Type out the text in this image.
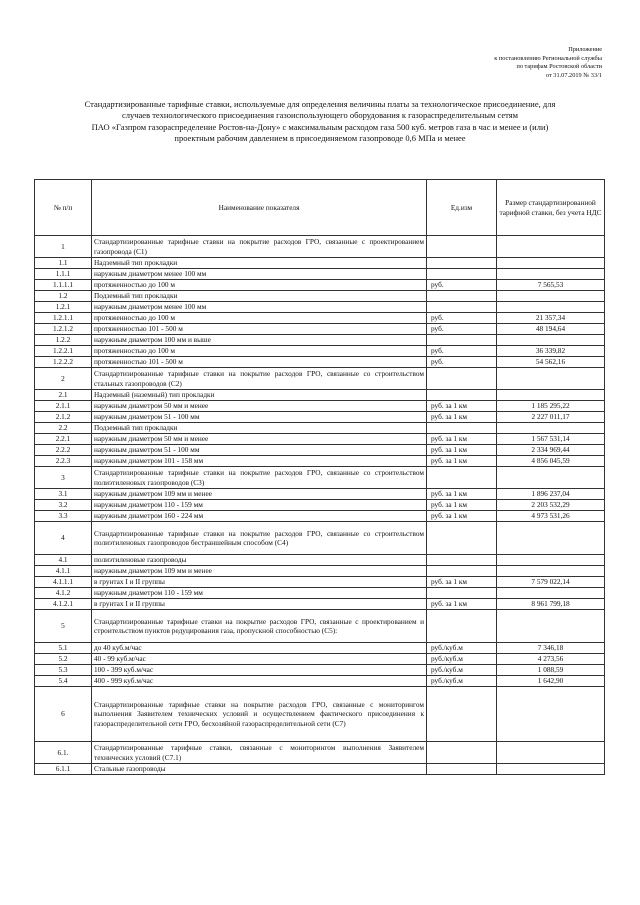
Приложение
к постановлению Региональной службы
по тарифам Ростовской области
от 31.07.2019 № 33/1
Стандартизированные тарифные ставки, используемые для определения величины платы за технологическое присоединение, для
случаев технологического присоединения газоиспользующего оборудования к газораспределительным сетям
ПАО «Газпром газораспределение Ростов-на-Дону» с максимальным расходом газа 500 куб. метров газа в час и менее и (или)
проектным рабочим давлением в присоединяемом газопроводе 0,6 МПа и менее
№ п/п	Наименование показателя	Ед.изм	Размер стандартизированной тарифной ставки, без учета НДС
1	Стандартизированные тарифные ставки на покрытие расходов ГРО, связанные с проектированием газопровода (С1)		
1.1	Надземный тип прокладки		
1.1.1	наружным диаметром менее 100 мм		
1.1.1.1	протяженностью до 100 м	руб.	7 565,53
1.2	Подземный тип прокладки		
1.2.1	наружным диаметром менее 100 мм		
1.2.1.1	протяженностью до 100 м	руб.	21 357,34
1.2.1.2	протяженностью 101 - 500 м	руб.	48 194,64
1.2.2	наружным диаметром 100 мм и выше		
1.2.2.1	протяженностью до 100 м	руб.	36 339,82
1.2.2.2	протяженностью 101 - 500 м	руб.	54 562,16
2	Стандартизированные тарифные ставки на покрытие расходов ГРО, связанные со строительством стальных газопроводов (С2)		
2.1	Надземный (наземный) тип прокладки		
2.1.1	наружным диаметром 50 мм и менее	руб. за 1 км	1 185 295,22
2.1.2	наружным диаметром 51 - 100 мм	руб. за 1 км	2 227 011,17
2.2	Подземный тип прокладки		
2.2.1	наружным диаметром 50 мм и менее	руб. за 1 км	1 567 531,14
2.2.2	наружным диаметром 51 - 100 мм	руб. за 1 км	2 334 969,44
2.2.3	наружным диаметром 101 - 158 мм	руб. за 1 км	4 856 045,59
3	Стандартизированные тарифные ставки на покрытие расходов ГРО, связанные со строительством полиэтиленовых газопроводов (С3)		
3.1	наружным диаметром 109 мм и менее	руб. за 1 км	1 896 237,04
3.2	наружным диаметром 110 - 159 мм	руб. за 1 км	2 203 532,29
3.3	наружным диаметром 160 - 224 мм	руб. за 1 км	4 973 531,26
4	Стандартизированные тарифные ставки на покрытие расходов ГРО, связанные со строительством полиэтиленовых газопроводов бестраншейным способом (С4)		
4.1	полиэтиленовые газопроводы		
4.1.1	наружным диаметром 109 мм и менее		
4.1.1.1	в грунтах I и II группы	руб. за 1 км	7 579 022,14
4.1.2	наружным диаметром 110 - 159 мм		
4.1.2.1	в грунтах I и II группы	руб. за 1 км	8 961 799,18
5	Стандартизированные тарифные ставки на покрытие расходов ГРО, связанные с проектированием и строительством пунктов редуцирования газа, пропускной способностью (С5):		
5.1	до 40 куб.м/час	руб./куб.м	7 346,18
5.2	40 - 99 куб.м/час	руб./куб.м	4 273,56
5.3	100 - 399 куб.м/час	руб./куб.м	1 088,59
5.4	400 - 999 куб.м/час	руб./куб.м	1 642,90
6	Стандартизированные тарифные ставки на покрытие расходов ГРО, связанные с мониторингом выполнения Заявителем технических условий и осуществлением фактического присоединения к газораспределительной сети ГРО, бесхозяйной газораспределительной сети (С7)		
6.1.	Стандартизированные тарифные ставки, связанные с мониторингом выполнения Заявителем технических условий (С7.1)		
6.1.1	Стальные газопроводы		
